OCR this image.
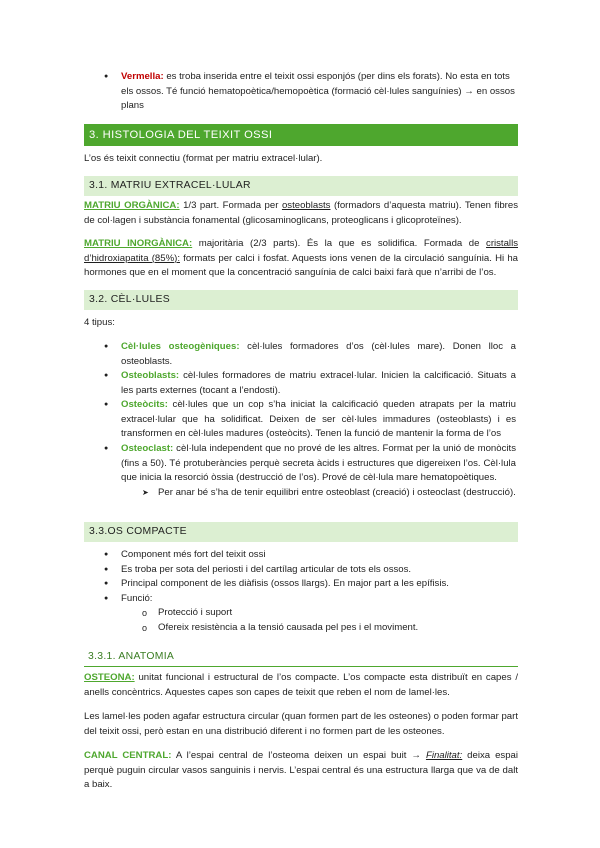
●	Vermella: es troba inserida entre el teixit ossi esponjós (per dins els forats). No esta en tots els ossos. Té funció hematopoètica/hemopoètica (formació cèl·lules sanguínies) → en ossos plans

3. HISTOLOGIA DEL TEIXIT OSSI

L’os és teixit connectiu (format per matriu extracel·lular).

3.1. MATRIU EXTRACEL·LULAR

MATRIU ORGÀNICA: 1/3 part. Formada per osteoblasts (formadors d’aquesta matriu). Tenen fibres de col·lagen i substància fonamental (glicosaminoglicans, proteoglicans i glicoproteïnes).

MATRIU INORGÀNICA: majoritària (2/3 parts). És la que es solidifica. Formada de cristalls d’hidroxiapatita (85%): formats per calci i fosfat. Aquests ions venen de la circulació sanguínia. Hi ha hormones que en el moment que la concentració sanguínia de calci baixi farà que n’arribi de l’os.

3.2. CÈL·LULES

4 tipus:

●	Cèl·lules osteogèniques: cèl·lules formadores d’os (cèl·lules mare). Donen lloc a osteoblasts.

●	Osteoblasts: cèl·lules formadores de matriu extracel·lular. Inicien la calcificació. Situats a les parts externes (tocant a l’endosti).

●	Osteòcits: cèl·lules que un cop s’ha iniciat la calcificació queden atrapats per la matriu extracel·lular que ha solidificat. Deixen de ser cèl·lules immadures (osteoblasts) i es transformen en cèl·lules madures (osteòcits). Tenen la funció de mantenir la forma de l’os

●	Osteoclast: cèl·lula independent que no prové de les altres. Format per la unió de monòcits (fins a 50). Té protuberàncies perquè secreta àcids i estructures que digereixen l’os. Cèl·lula que inicia la resorció òssia (destrucció de l’os). Prové de cèl·lula mare hematopoètiques.

➤ Per anar bé s’ha de tenir equilibri entre osteoblast (creació) i osteoclast (destrucció).

3.3.OS COMPACTE
●	Component més fort del teixit ossi

●	Es troba per sota del periosti i del cartílag articular de tots els ossos.

●	Principal component de les diàfisis (ossos llargs). En major part a les epífisis.

●	Funció:

o Protecció i suport

o Ofereix resistència a la tensió causada pel pes i el moviment.

3.3.1. ANATOMIA

OSTEONA: unitat funcional i estructural de l’os compacte. L’os compacte esta distribuït en capes / anells concèntrics. Aquestes capes son capes de teixit que reben el nom de lamel·les.

Les lamel·les poden agafar estructura circular (quan formen part de les osteones) o poden formar part del teixit ossi, però estan en una distribució diferent i no formen part de les osteones.

CANAL CENTRAL: A l’espai central de l’osteoma deixen un espai buit → Finalitat: deixa espai perquè puguin circular vasos sanguinis i nervis. L’espai central és una estructura llarga que va de dalt a baix.
